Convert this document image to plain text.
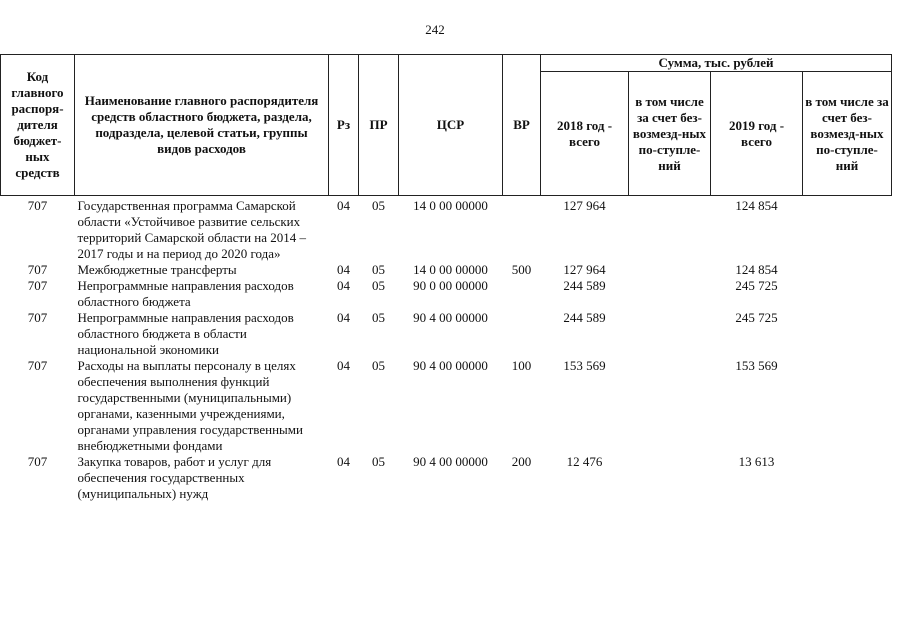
242
Код главного распоря-дителя бюджет-ных средств	Наименование главного распорядителя средств областного бюджета, раздела, подраздела, целевой статьи, группы видов расходов	Рз	ПР	ЦСР	ВР	Сумма, тыс. рублей			
						2018 год - всего	в том числе за счет без-возмезд-ных по-ступле-ний	2019 год - всего	в том числе за счет без-возмезд-ных по-ступле-ний
707	Государственная программа Самарской области «Устойчивое развитие сельских территорий Самарской области на 2014 – 2017 годы и на период до 2020 года»	04	05	14 0 00 00000		127 964		124 854	
707	Межбюджетные трансферты	04	05	14 0 00 00000	500	127 964		124 854	
707	Непрограммные направления расходов областного бюджета	04	05	90 0 00 00000		244 589		245 725	
707	Непрограммные направления расходов областного бюджета в области национальной экономики	04	05	90 4 00 00000		244 589		245 725	
707	Расходы на выплаты персоналу в целях обеспечения выполнения функций государственными (муниципальными) органами, казенными учреждениями, органами управления государственными внебюджетными фондами	04	05	90 4 00 00000	100	153 569		153 569	
707	Закупка товаров, работ и услуг для обеспечения государственных (муниципальных) нужд	04	05	90 4 00 00000	200	12 476		13 613	
